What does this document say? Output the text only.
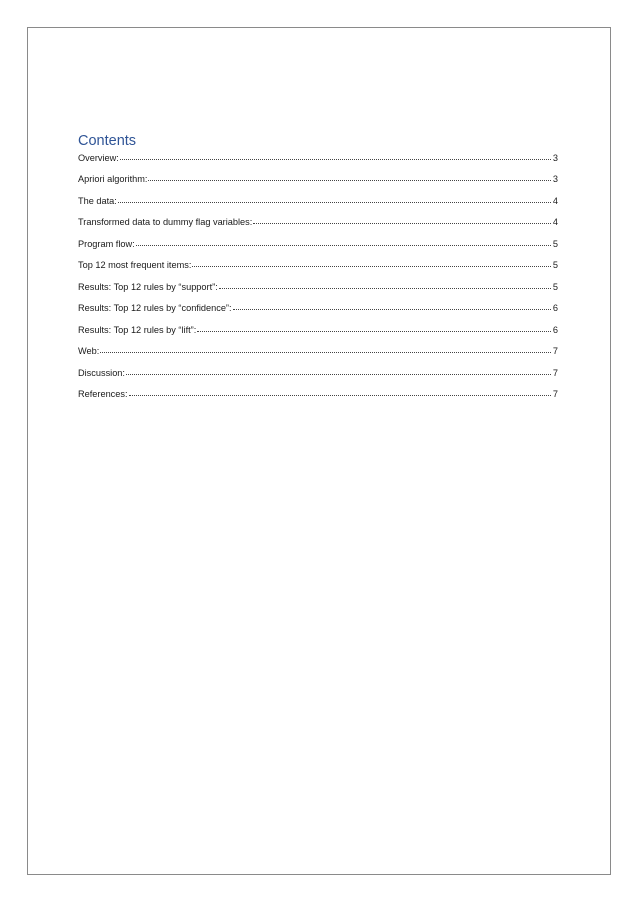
Contents
Overview:	3
Apriori algorithm:	3
The data:	4
Transformed data to dummy flag variables:	4
Program flow:	5
Top 12 most frequent items:	5
Results: Top 12 rules by “support”:	5
Results: Top 12 rules by “confidence”:	6
Results: Top 12 rules by “lift”:	6
Web:	7
Discussion:	7
References:	7
